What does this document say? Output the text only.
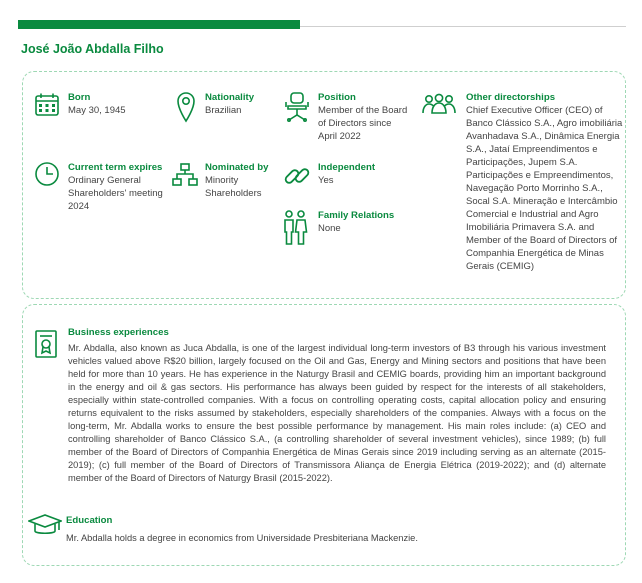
José João Abdalla Filho
Born
May 30, 1945
Nationality
Brazilian
Position
Member of the Board of Directors since April 2022
Other directorships
Chief Executive Officer (CEO) of Banco Clássico S.A., Agro imobiliária Avanhadava S.A., Dinâmica Energia S.A., Jataí Empreendimentos e Participações, Jupem S.A. Participações e Empreendimentos, Navegação Porto Morrinho S.A., Socal S.A. Mineração e Intercâmbio Comercial e Industrial and Agro Imobiliária Primavera S.A. and Member of the Board of Directors of Companhia Energética de Minas Gerais (CEMIG)
Current term expires
Ordinary General Shareholders' meeting 2024
Nominated by
Minority Shareholders
Independent
Yes
Family Relations
None
Business experiences

Mr. Abdalla, also known as Juca Abdalla, is one of the largest individual long-term investors of B3 through his various investment vehicles valued above R$20 billion, largely focused on the Oil and Gas, Energy and Mining sectors and positions that have been held for more than 10 years. He has experience in the Naturgy Brasil and CEMIG boards, providing him an important background in the energy and oil & gas sectors. His performance has always been guided by respect for the interests of all stakeholders, especially within state-controlled companies. With a focus on controlling operating costs, capital allocation policy and ensuring returns equivalent to the risks assumed by stakeholders, especially shareholders of the companies. Always with a focus on the long-term, Mr. Abdalla works to ensure the best possible performance by management. His main roles include: (a) CEO and controlling shareholder of Banco Clássico S.A., (a controlling shareholder of several investment vehicles), since 1989; (b) full member of the Board of Directors of Companhia Energética de Minas Gerais since 2019 including serving as an alternate (2015-2019); (c) full member of the Board of Directors of Transmissora Aliança de Energia Elétrica (2019-2022); and (d) alternate member of the Board of Directors of Naturgy Brasil (2015-2022).

Education

Mr. Abdalla holds a degree in economics from Universidade Presbiteriana Mackenzie.
